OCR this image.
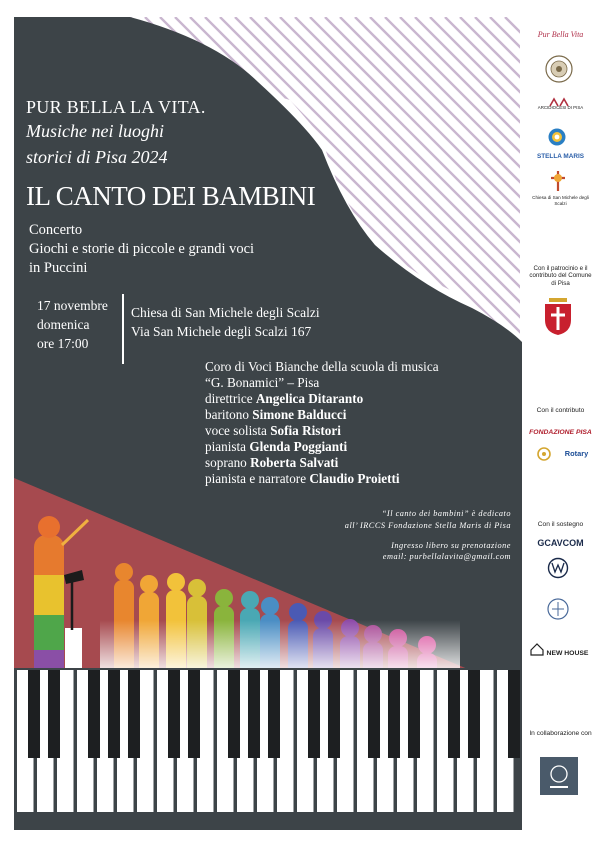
PUR BELLA LA VITA.
Musiche nei luoghi
storici di Pisa 2024
IL CANTO DEI BAMBINI
Concerto
Giochi e storie di piccole e grandi voci
in Puccini
17 novembre
domenica
ore 17:00
Chiesa di San Michele degli Scalzi
Via San Michele degli Scalzi 167
Coro di Voci Bianche della scuola di musica
“G. Bonamici” – Pisa
direttrice Angelica Ditaranto
baritono Simone Balducci
voce solista Sofia Ristori
pianista Glenda Poggianti
soprano Roberta Salvati
pianista e narratore Claudio Proietti
“Il canto dei bambini” è dedicato
all’ IRCCS Fondazione Stella Maris di Pisa
Ingresso libero su prenotazione
email: purbellalavita@gmail.com
Pur Bella Vita
ARCIDIOCESI DI PISA
STELLA MARIS
Chiesa di San Michele degli Scalzi
Con il patrocinio e il contributo del Comune di Pisa
Con il contributo
FONDAZIONE PISA
Rotary
Con il sostegno
GCAVCOM
NEW HOUSE
In collaborazione con
